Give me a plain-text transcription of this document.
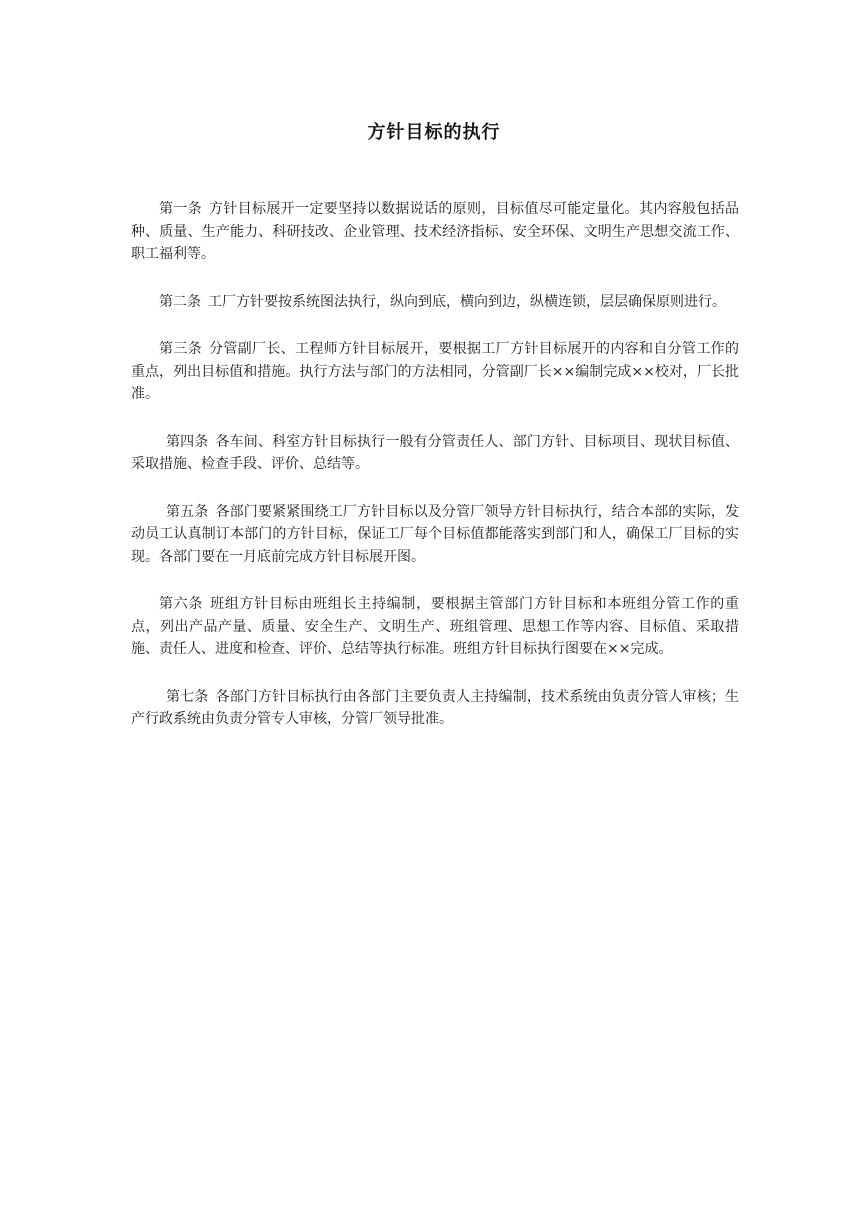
方针目标的执行

第一条 方针目标展开一定要坚持以数据说话的原则，目标值尽可能定量化。其内容般包括品种、质量、生产能力、科研技改、企业管理、技术经济指标、安全环保、文明生产思想交流工作、职工福利等。

第二条 工厂方针要按系统图法执行，纵向到底，横向到边，纵横连锁，层层确保原则进行。

第三条 分管副厂长、工程师方针目标展开，要根据工厂方针目标展开的内容和自分管工作的重点，列出目标值和措施。执行方法与部门的方法相同，分管副厂长××编制完成××校对，厂长批准。

第四条 各车间、科室方针目标执行一般有分管责任人、部门方针、目标项目、现状目标值、采取措施、检查手段、评价、总结等。

第五条 各部门要紧紧围绕工厂方针目标以及分管厂领导方针目标执行，结合本部的实际，发动员工认真制订本部门的方针目标，保证工厂每个目标值都能落实到部门和人，确保工厂目标的实现。各部门要在一月底前完成方针目标展开图。

第六条 班组方针目标由班组长主持编制，要根据主管部门方针目标和本班组分管工作的重点，列出产品产量、质量、安全生产、文明生产、班组管理、思想工作等内容、目标值、采取措施、责任人、进度和检查、评价、总结等执行标准。班组方针目标执行图要在××完成。

第七条 各部门方针目标执行由各部门主要负责人主持编制，技术系统由负责分管人审核；生产行政系统由负责分管专人审核，分管厂领导批准。
